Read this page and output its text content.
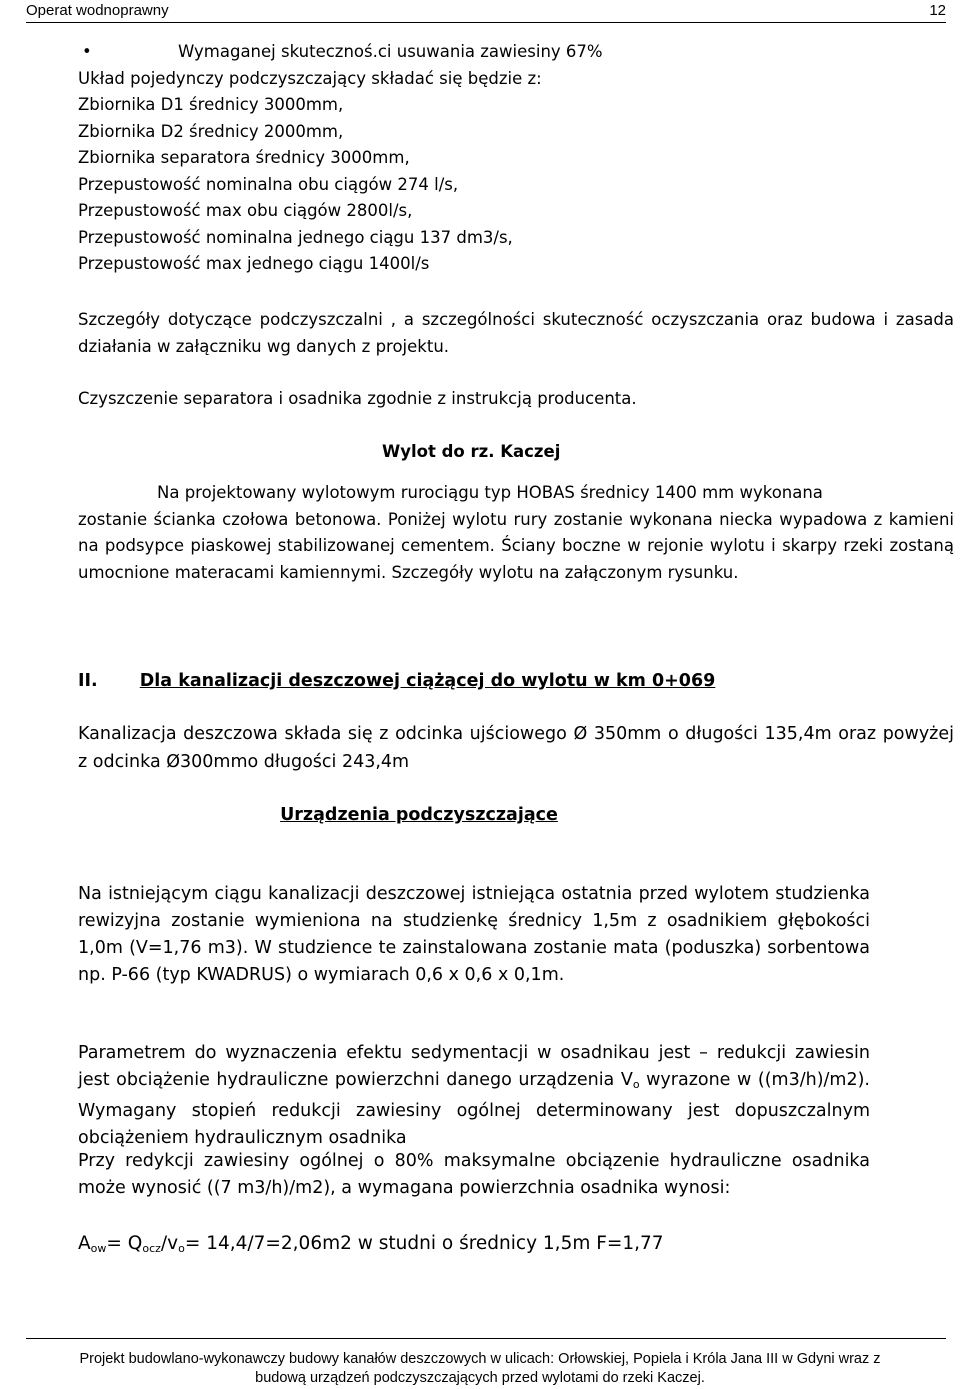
Operat wodnoprawny	12
•	Wymaganej skutecznoś.ci usuwania zawiesiny 67%
Układ pojedynczy podczyszczający składać się będzie z:
Zbiornika D1 średnicy 3000mm,
Zbiornika D2 średnicy 2000mm,
Zbiornika separatora średnicy 3000mm,
Przepustowość nominalna obu ciągów 274 l/s,
Przepustowość max obu ciągów 2800l/s,
Przepustowość nominalna jednego ciągu 137 dm3/s,
Przepustowość max jednego ciągu 1400l/s

Szczegóły dotyczące podczyszczalni , a szczególności skuteczność oczyszczania oraz budowa i zasada działania w załączniku wg danych z projektu.

Czyszczenie separatora i osadnika zgodnie z instrukcją producenta.

Wylot do rz. Kaczej
Na projektowany wylotowym rurociągu typ HOBAS średnicy 1400 mm wykonana

zostanie ścianka czołowa betonowa. Poniżej wylotu rury zostanie wykonana niecka wypadowa z kamieni na podsypce piaskowej stabilizowanej cementem. Ściany boczne w rejonie wylotu i skarpy rzeki zostaną umocnione materacami kamiennymi. Szczegóły wylotu na załączonym rysunku.

II. Dla kanalizacji deszczowej ciążącej do wylotu w km 0+069

Kanalizacja deszczowa składa się z odcinka ujściowego Ø 350mm o długości 135,4m oraz powyżej z odcinka Ø300mmo długości 243,4m

Urządzenia podczyszczające

Na istniejącym ciągu kanalizacji deszczowej istniejąca ostatnia przed wylotem studzienka rewizyjna zostanie wymieniona na studzienkę średnicy 1,5m z osadnikiem głębokości 1,0m (V=1,76 m3). W studzience te zainstalowana zostanie mata (poduszka) sorbentowa np. P-66 (typ KWADRUS) o wymiarach 0,6 x 0,6 x 0,1m.

Parametrem do wyznaczenia efektu sedymentacji w osadnikau jest – redukcji zawiesin jest obciążenie hydrauliczne powierzchni danego urządzenia $V_o$ wyrazone w ((m3/h)/m2). Wymagany stopień redukcji zawiesiny ogólnej determinowany jest dopuszczalnym obciążeniem hydraulicznym osadnika

Przy redykcji zawiesiny ogólnej o 80% maksymalne obciązenie hydrauliczne osadnika może wynosić ((7 m3/h)/m2), a wymagana powierzchnia osadnika wynosi:

$A_{ow}= Q_{ocz}/v_o= 14,4/7=2,06m2$ w studni o średnicy 1,5m F=1,77
Projekt budowlano-wykonawczy budowy kanałów deszczowych w ulicach: Orłowskiej, Popiela i Króla Jana III w Gdyni wraz z
budową urządzeń podczyszczających przed wylotami do rzeki Kaczej.
